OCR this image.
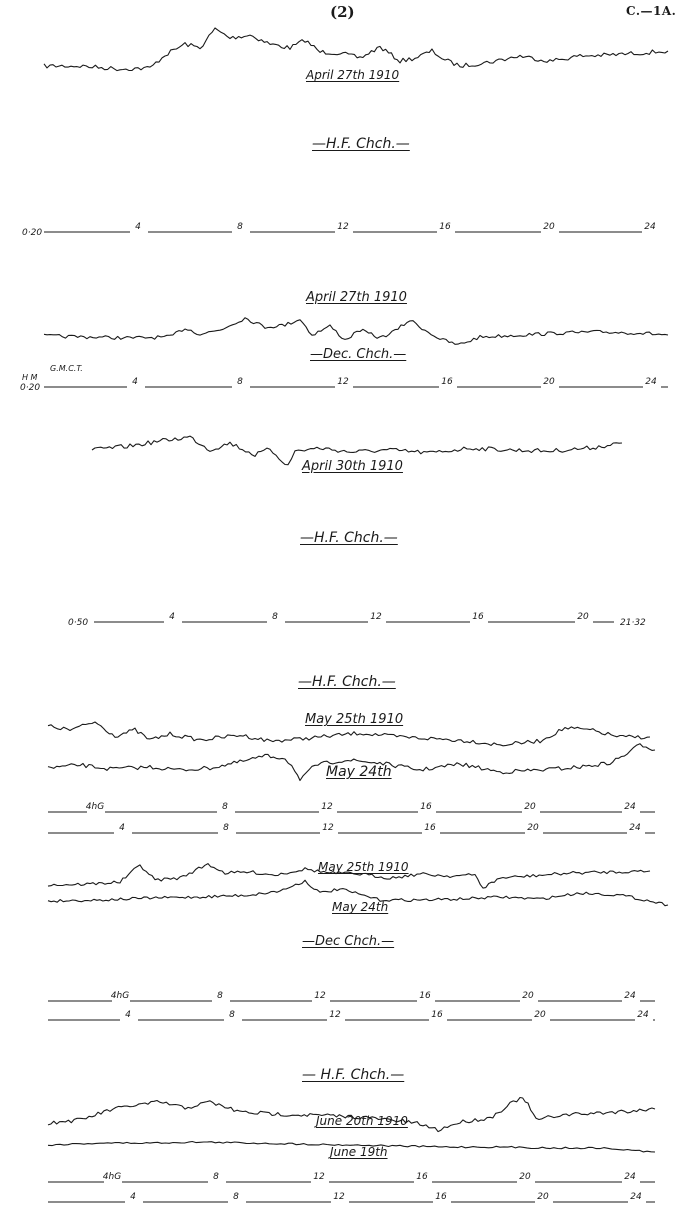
0·20
4	8	12	16	20	24
0·20
4	8	12	16	20	24
0·50
4	8	12	16	20
21·32
4hG	8	12	16	20	24
4	8	12	16	20	24
4hG	8	12	16	20	24
4	8	12	16	20	24
4hG	8	12	16	20	24
4	8	12	16	20	24
(2)	C.—1A.
April 27th 1910
—H.F. Chch.—
April 27th 1910
—Dec. Chch.—
G.M.C.T.
H M
April 30th 1910
—H.F. Chch.—
—H.F. Chch.—
May 25th 1910
May 24th
May 25th 1910
May 24th
—Dec Chch.—
— H.F. Chch.—
June 20th 1910
June 19th
